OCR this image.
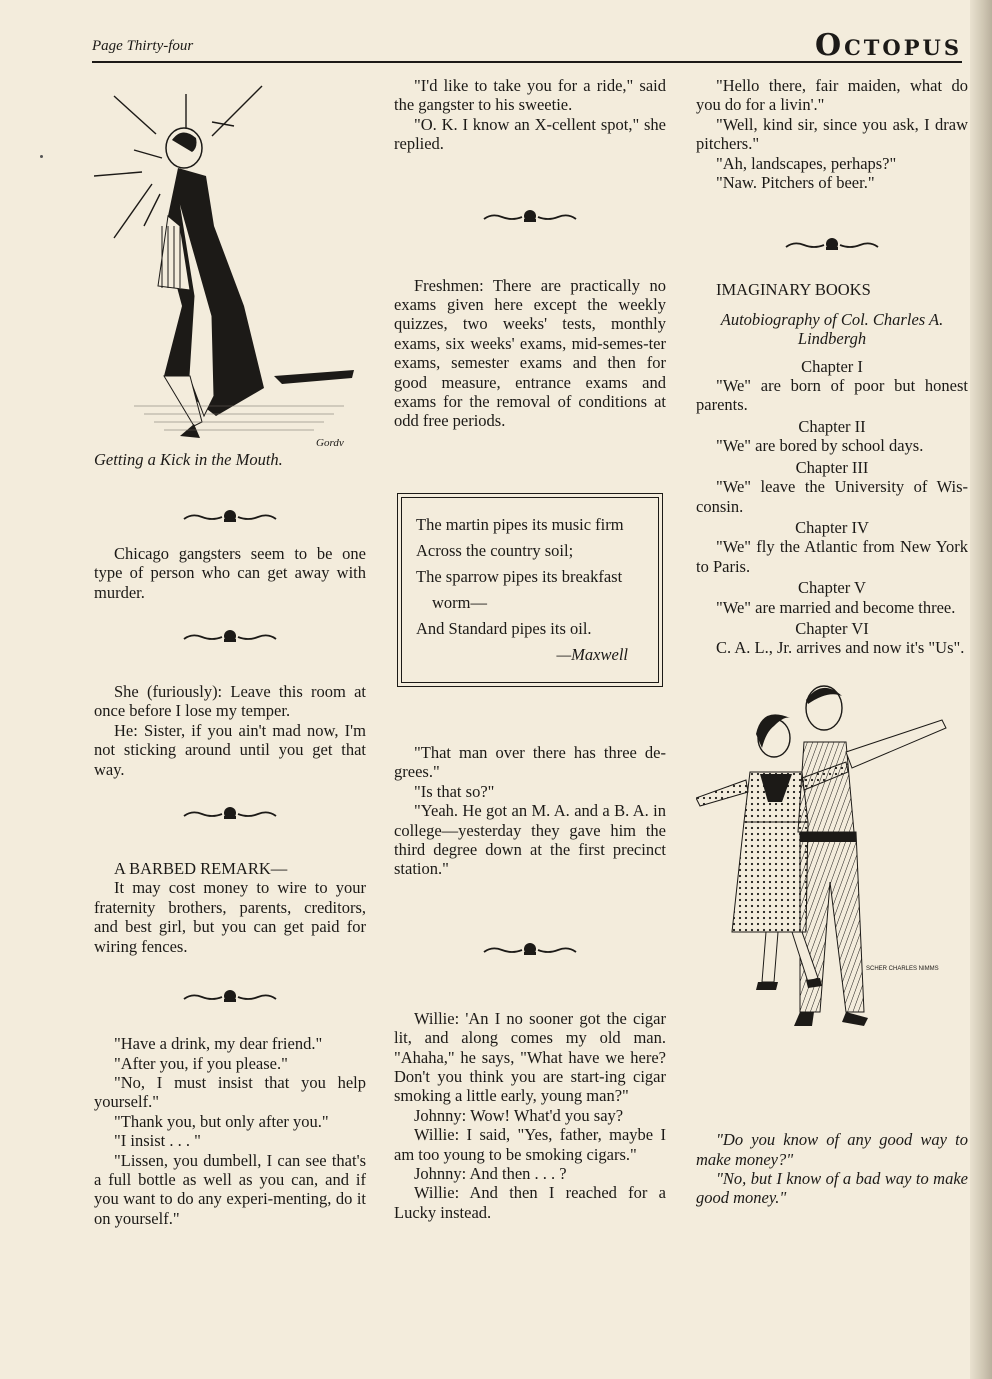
Page Thirty-four	Octopus
Gordy

Getting a Kick in the Mouth.

Chicago gangsters seem to be one type of person who can get away with murder.

She (furiously): Leave this room at once before I lose my temper.

He: Sister, if you ain't mad now, I'm not sticking around until you get that way.

A BARBED REMARK—

It may cost money to wire to your fraternity brothers, parents, creditors, and best girl, but you can get paid for wiring fences.

"Have a drink, my dear friend."

"After you, if you please."

"No, I must insist that you help yourself."

"Thank you, but only after you."

"I insist . . . "

"Lissen, you dumbell, I can see that's a full bottle as well as you can, and if you want to do any experi-menting, do it on yourself."

"I'd like to take you for a ride," said the gangster to his sweetie.

"O. K. I know an X-cellent spot," she replied.

Freshmen: There are practically no exams given here except the weekly quizzes, two weeks' tests, monthly exams, six weeks' exams, mid-semes-ter exams, semester exams and then for good measure, entrance exams and exams for the removal of conditions at odd free periods.

The martin pipes its music firm
Across the country soil;
The sparrow pipes its breakfast
worm—
And Standard pipes its oil.
—Maxwell

"That man over there has three de-grees."

"Is that so?"

"Yeah. He got an M. A. and a B. A. in college—yesterday they gave him the third degree down at the first precinct station."

Willie: 'An I no sooner got the cigar lit, and along comes my old man. "Ahaha," he says, "What have we here? Don't you think you are start-ing cigar smoking a little early, young man?"

Johnny: Wow! What'd you say?

Willie: I said, "Yes, father, maybe I am too young to be smoking cigars."

Johnny: And then . . . ?

Willie: And then I reached for a Lucky instead.

"Hello there, fair maiden, what do you do for a livin'."

"Well, kind sir, since you ask, I draw pitchers."

"Ah, landscapes, perhaps?"

"Naw. Pitchers of beer."

IMAGINARY BOOKS

Autobiography of Col. Charles A. Lindbergh

Chapter I

"We" are born of poor but honest parents.

Chapter II

"We" are bored by school days.

Chapter III

"We" leave the University of Wis-consin.

Chapter IV

"We" fly the Atlantic from New York to Paris.

Chapter V

"We" are married and become three.

Chapter VI

C. A. L., Jr. arrives and now it's "Us".

SCHER CHARLES NIMMS

"Do you know of any good way to make money?"

"No, but I know of a bad way to make good money."
